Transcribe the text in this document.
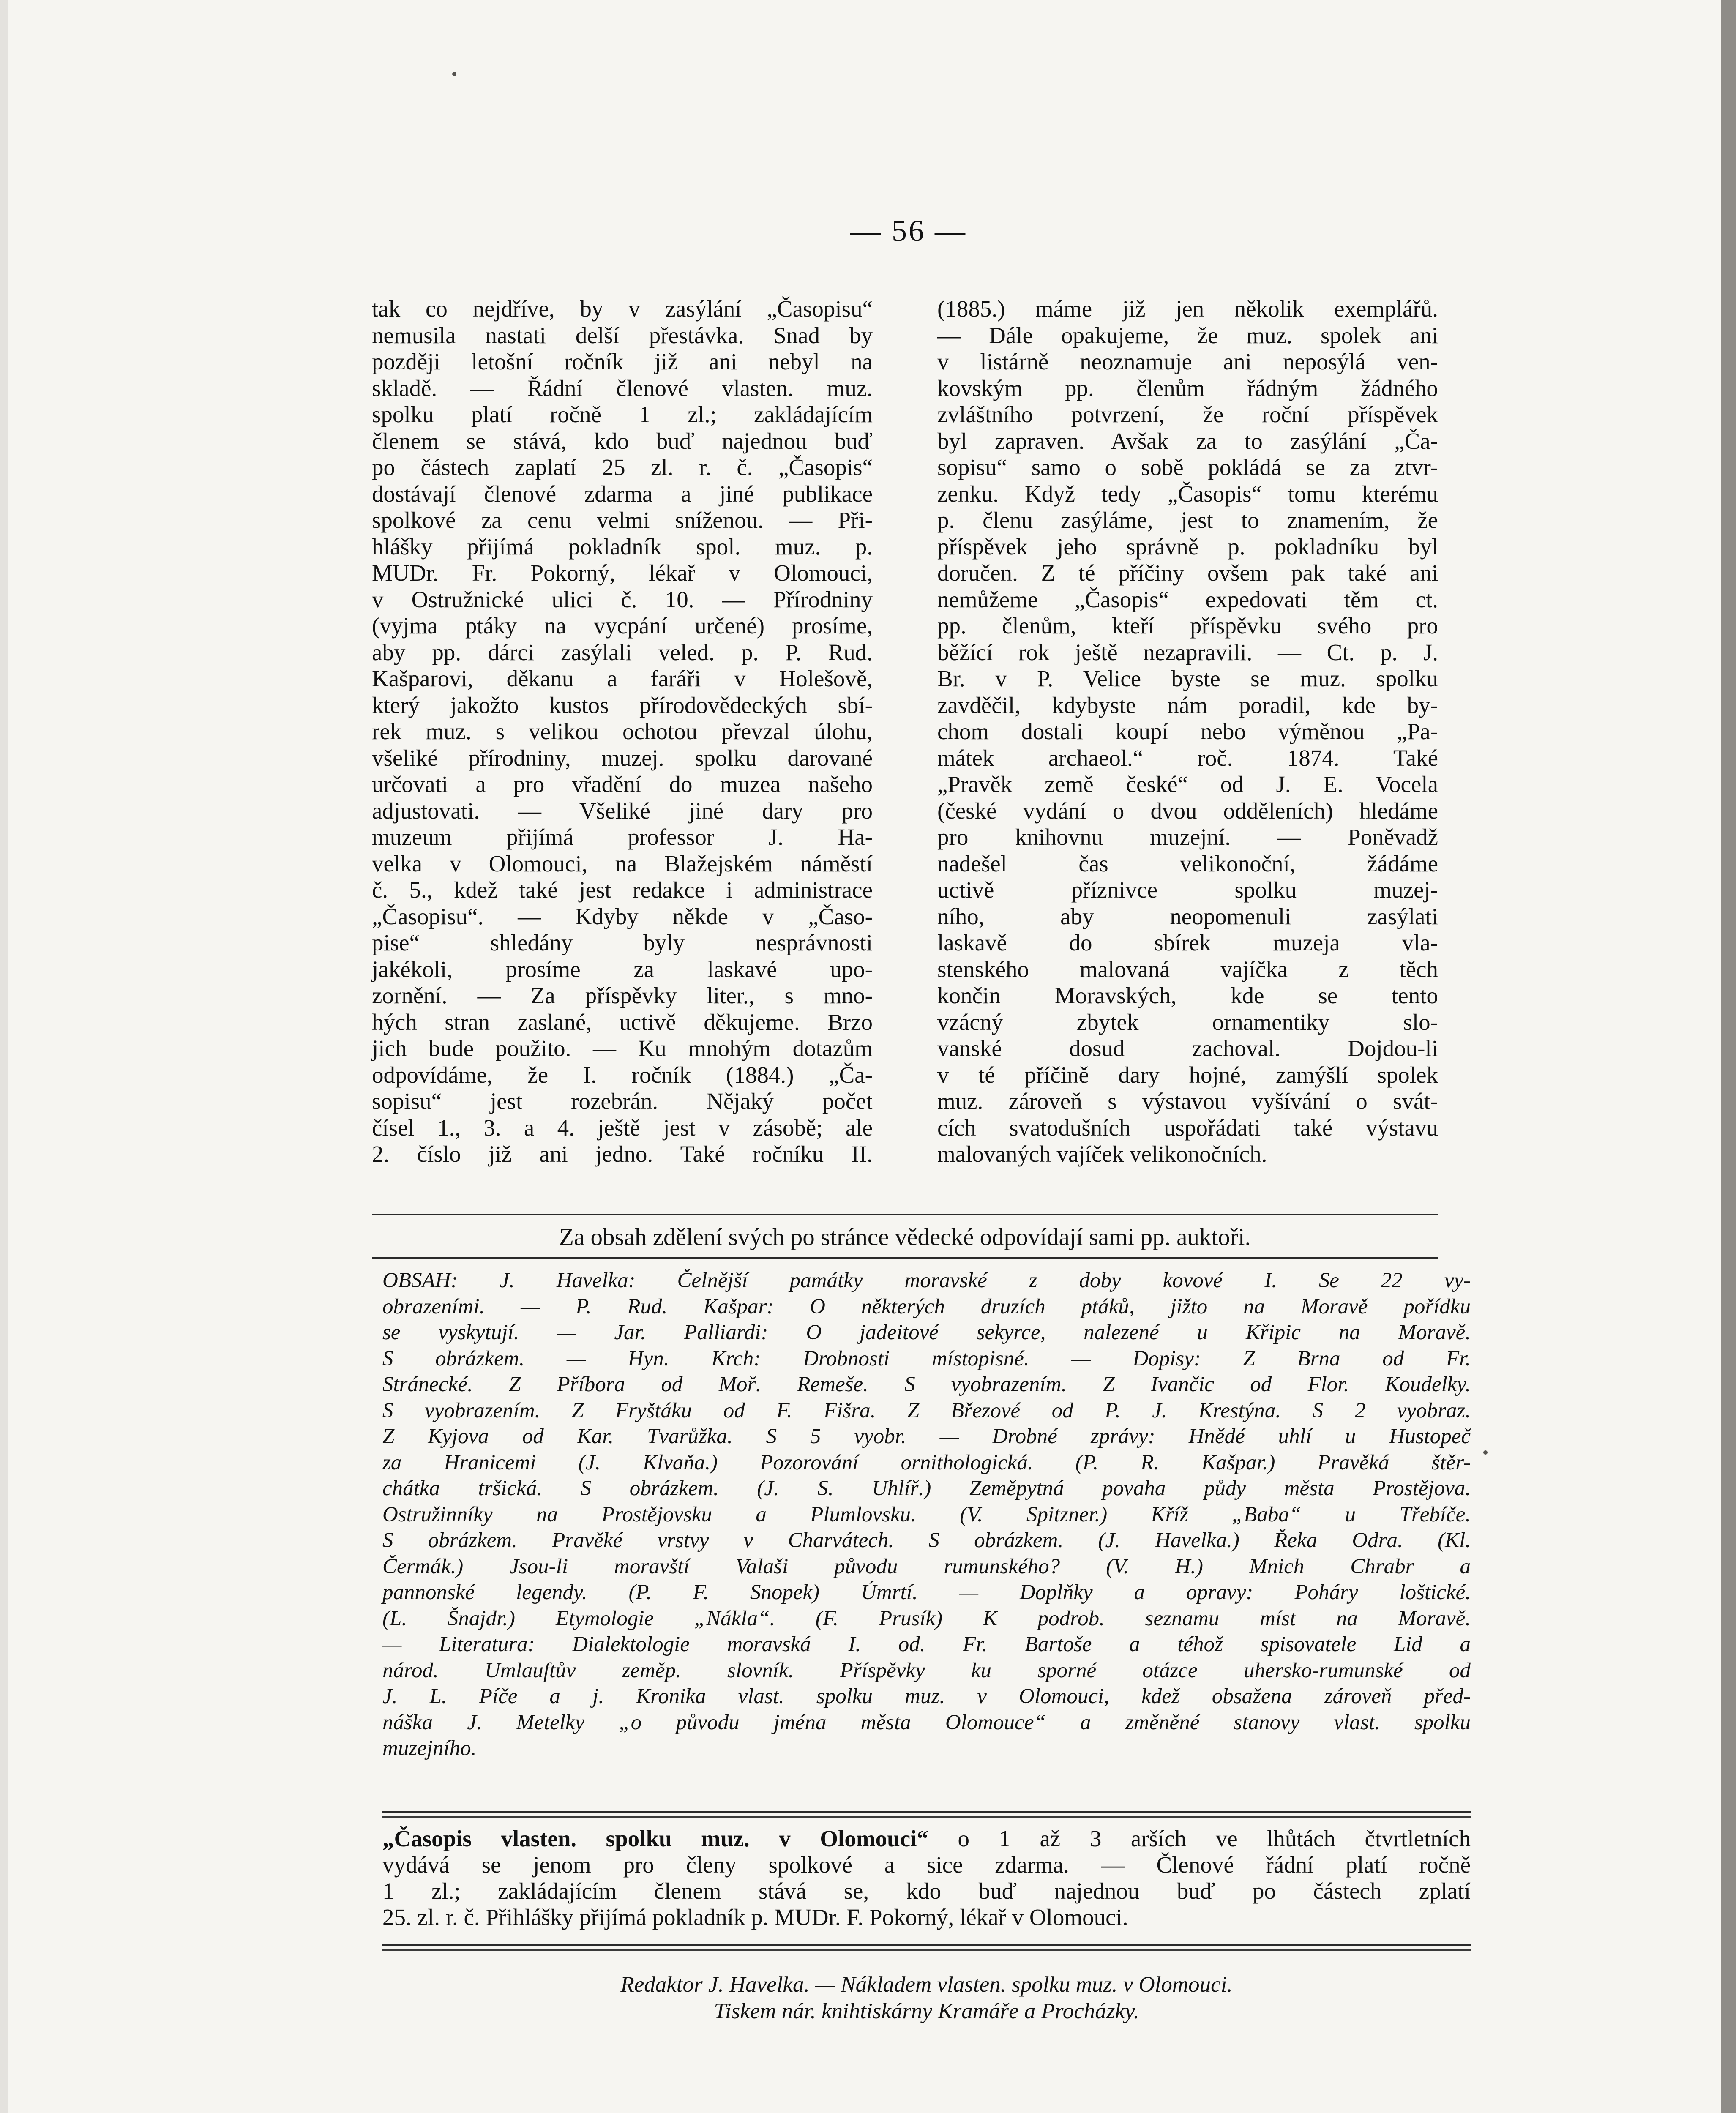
— 56 —

tak co nejdříve, by v zasýlání „Časopisu“

nemusila nastati delší přestávka. Snad by

později letošní ročník již ani nebyl na

skladě. — Řádní členové vlasten. muz.

spolku platí ročně 1 zl.; zakládajícím

členem se stává, kdo buď najednou buď

po částech zaplatí 25 zl. r. č. „Časopis“

dostávají členové zdarma a jiné publikace

spolkové za cenu velmi sníženou. — Při-

hlášky přijímá pokladník spol. muz. p.

MUDr. Fr. Pokorný, lékař v Olomouci,

v Ostružnické ulici č. 10. — Přírodniny

(vyjma ptáky na vycpání určené) prosíme,

aby pp. dárci zasýlali veled. p. P. Rud.

Kašparovi, děkanu a faráři v Holešově,

který jakožto kustos přírodovědeckých sbí-

rek muz. s velikou ochotou převzal úlohu,

všeliké přírodniny, muzej. spolku darované

určovati a pro vřadění do muzea našeho

adjustovati. — Všeliké jiné dary pro

muzeum přijímá professor J. Ha-

velka v Olomouci, na Blažejském náměstí

č. 5., kdež také jest redakce i administrace

„Časopisu“. — Kdyby někde v „Časo-

pise“ shledány byly nesprávnosti

jakékoli, prosíme za laskavé upo-

zornění. — Za příspěvky liter., s mno-

hých stran zaslané, uctivě děkujeme. Brzo

jich bude použito. — Ku mnohým dotazům

odpovídáme, že I. ročník (1884.) „Ča-

sopisu“ jest rozebrán. Nějaký počet

čísel 1., 3. a 4. ještě jest v zásobě; ale

2. číslo již ani jedno. Také ročníku II.

(1885.) máme již jen několik exemplářů.

— Dále opakujeme, že muz. spolek ani

v listárně neoznamuje ani neposýlá ven-

kovským pp. členům řádným žádného

zvláštního potvrzení, že roční příspěvek

byl zapraven. Avšak za to zasýlání „Ča-

sopisu“ samo o sobě pokládá se za ztvr-

zenku. Když tedy „Časopis“ tomu kterému

p. členu zasýláme, jest to znamením, že

příspěvek jeho správně p. pokladníku byl

doručen. Z té příčiny ovšem pak také ani

nemůžeme „Časopis“ expedovati těm ct.

pp. členům, kteří příspěvku svého pro

běžící rok ještě nezapravili. — Ct. p. J.

Br. v P. Velice byste se muz. spolku

zavděčil, kdybyste nám poradil, kde by-

chom dostali koupí nebo výměnou „Pa-

mátek archaeol.“ roč. 1874. Také

„Pravěk země české“ od J. E. Vocela

(české vydání o dvou odděleních) hledáme

pro knihovnu muzejní. — Poněvadž

nadešel čas velikonoční, žádáme

uctivě příznivce spolku muzej-

ního, aby neopomenuli zasýlati

laskavě do sbírek muzeja vla-

stenského malovaná vajíčka z těch

končin Moravských, kde se tento

vzácný zbytek ornamentiky slo-

vanské dosud zachoval. Dojdou-li

v té příčině dary hojné, zamýšlí spolek

muz. zároveň s výstavou vyšívání o svát-

cích svatodušních uspořádati také výstavu

malovaných vajíček velikonočních.

Za obsah zdělení svých po stránce vědecké odpovídají sami pp. auktoři.

OBSAH: J. Havelka: Čelnější památky moravské z doby kovové I. Se 22 vy-

obrazeními. — P. Rud. Kašpar: O některých druzích ptáků, jižto na Moravě pořídku

se vyskytují. — Jar. Palliardi: O jadeitové sekyrce, nalezené u Křipic na Moravě.

S obrázkem. — Hyn. Krch: Drobnosti místopisné. — Dopisy: Z Brna od Fr.

Stránecké. Z Příbora od Moř. Remeše. S vyobrazením. Z Ivančic od Flor. Koudelky.

S vyobrazením. Z Fryštáku od F. Fišra. Z Březové od P. J. Krestýna. S 2 vyobraz.

Z Kyjova od Kar. Tvarůžka. S 5 vyobr. — Drobné zprávy: Hnědé uhlí u Hustopeč

za Hranicemi (J. Klvaňa.) Pozorování ornithologická. (P. R. Kašpar.) Pravěká štěr-

chátka tršická. S obrázkem. (J. S. Uhlíř.) Zeměpytná povaha půdy města Prostějova.

Ostružinníky na Prostějovsku a Plumlovsku. (V. Spitzner.) Kříž „Baba“ u Třebíče.

S obrázkem. Pravěké vrstvy v Charvátech. S obrázkem. (J. Havelka.) Řeka Odra. (Kl.

Čermák.) Jsou-li moravští Valaši původu rumunského? (V. H.) Mnich Chrabr a

pannonské legendy. (P. F. Snopek) Úmrtí. — Doplňky a opravy: Poháry loštické.

(L. Šnajdr.) Etymologie „Nákla“. (F. Prusík) K podrob. seznamu míst na Moravě.

— Literatura: Dialektologie moravská I. od. Fr. Bartoše a téhož spisovatele Lid a

národ. Umlauftův zeměp. slovník. Příspěvky ku sporné otázce uhersko-rumunské od

J. L. Píče a j. Kronika vlast. spolku muz. v Olomouci, kdež obsažena zároveň před-

náška J. Metelky „o původu jména města Olomouce“ a změněné stanovy vlast. spolku

muzejního.

„Časopis vlasten. spolku muz. v Olomouci“ o 1 až 3 arších ve lhůtách čtvrtletních

vydává se jenom pro členy spolkové a sice zdarma. — Členové řádní platí ročně

1 zl.; zakládajícím členem stává se, kdo buď najednou buď po částech zplatí

25. zl. r. č. Přihlášky přijímá pokladník p. MUDr. F. Pokorný, lékař v Olomouci.

Redaktor J. Havelka. — Nákladem vlasten. spolku muz. v Olomouci.
Tiskem nár. knihtiskárny Kramáře a Procházky.
